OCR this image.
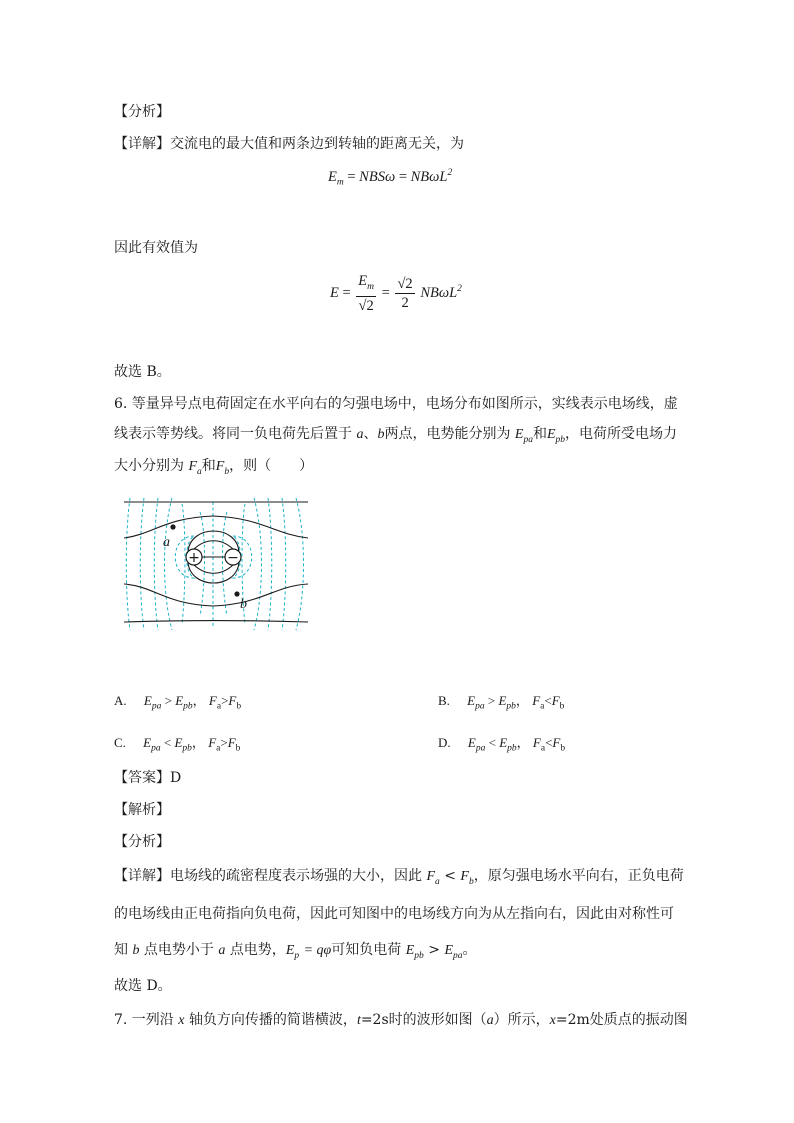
【分析】
【详解】交流电的最大值和两条边到转轴的距离无关，为
$E_m = NBS\omega = NB\omega L^2$
因此有效值为
$E = \frac{E_m}{√2} = \frac{√2}{2} NB\omega L^2$
故选 B。
6. 等量异号点电荷固定在水平向右的匀强电场中，电场分布如图所示，实线表示电场线，虚
线表示等势线。将同一负电荷先后置于 a、b两点，电势能分别为 $E_{pa}$和$E_{pb}$，电荷所受电场力
大小分别为 $F_a$和$F_b$，则（　　）
a
b
+ −
A. $E_{pa} > E_{pb}$， $F_a>F_b$	B. $E_{pa} > E_{pb}$， $F_a<F_b$
C. $E_{pa} < E_{pb}$， $F_a>F_b$	D. $E_{pa} < E_{pb}$， $F_a<F_b$
【答案】D
【解析】
【分析】
【详解】电场线的疏密程度表示场强的大小，因此 $F_a < F_b$，原匀强电场水平向右，正负电荷
的电场线由正电荷指向负电荷，因此可知图中的电场线方向为从左指向右，因此由对称性可
知 b 点电势小于 a 点电势，$E_p = q\varphi$可知负电荷 $E_{pb} > E_{pa}$。
故选 D。
7. 一列沿 x 轴负方向传播的简谐横波，t=2s时的波形如图（a）所示，x=2m处质点的振动图
